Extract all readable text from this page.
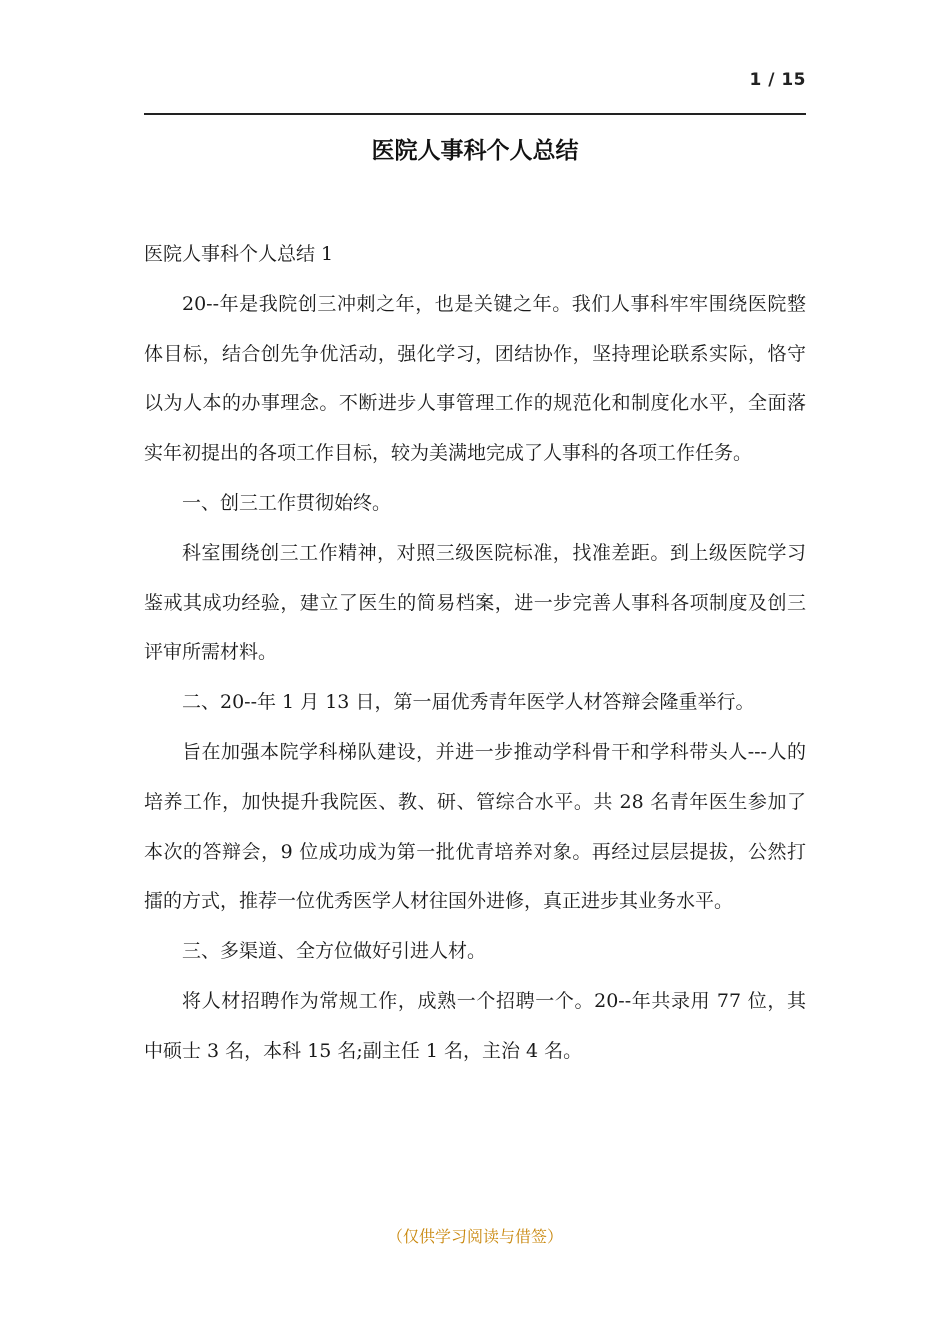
1 / 15
医院人事科个人总结

医院人事科个人总结 1

20--年是我院创三冲刺之年，也是关键之年。我们人事科牢牢围绕医院整体目标，结合创先争优活动，强化学习，团结协作，坚持理论联系实际，恪守以为人本的办事理念。不断进步人事管理工作的规范化和制度化水平，全面落实年初提出的各项工作目标，较为美满地完成了人事科的各项工作任务。

一、创三工作贯彻始终。

科室围绕创三工作精神，对照三级医院标准，找准差距。到上级医院学习鉴戒其成功经验，建立了医生的简易档案，进一步完善人事科各项制度及创三评审所需材料。

二、20--年 1 月 13 日，第一届优秀青年医学人材答辩会隆重举行。

旨在加强本院学科梯队建设，并进一步推动学科骨干和学科带头人---人的培养工作，加快提升我院医、教、研、管综合水平。共 28 名青年医生参加了本次的答辩会，9 位成功成为第一批优青培养对象。再经过层层提拔，公然打擂的方式，推荐一位优秀医学人材往国外进修，真正进步其业务水平。

三、多渠道、全方位做好引进人材。

将人材招聘作为常规工作，成熟一个招聘一个。20--年共录用 77 位，其中硕士 3 名，本科 15 名;副主任 1 名，主治 4 名。

（仅供学习阅读与借签）
